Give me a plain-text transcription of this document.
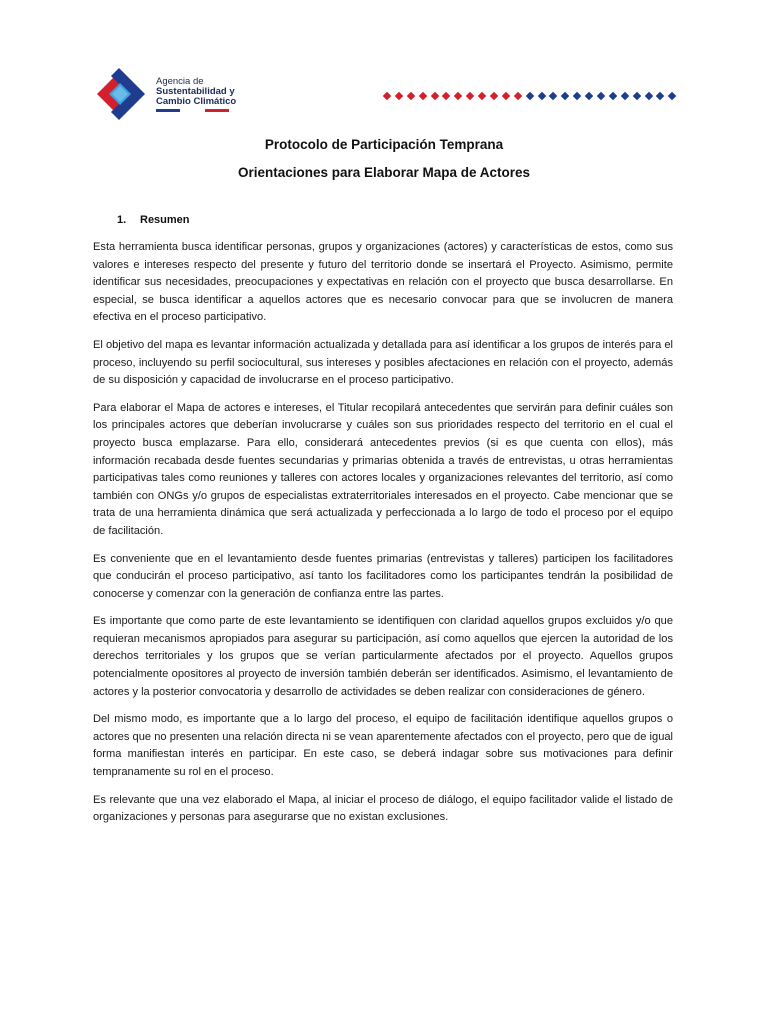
Agencia de
Sustentabilidad y
Cambio Climático
Protocolo de Participación Temprana
Orientaciones para Elaborar Mapa de Actores
1. Resumen

Esta herramienta busca identificar personas, grupos y organizaciones (actores) y características de estos, como sus valores e intereses respecto del presente y futuro del territorio donde se insertará el Proyecto. Asimismo, permite identificar sus necesidades, preocupaciones y expectativas en relación con el proyecto que busca desarrollarse. En especial, se busca identificar a aquellos actores que es necesario convocar para que se involucren de manera efectiva en el proceso participativo.

El objetivo del mapa es levantar información actualizada y detallada para así identificar a los grupos de interés para el proceso, incluyendo su perfil sociocultural, sus intereses y posibles afectaciones en relación con el proyecto, además de su disposición y capacidad de involucrarse en el proceso participativo.

Para elaborar el Mapa de actores e intereses, el Titular recopilará antecedentes que servirán para definir cuáles son los principales actores que deberían involucrarse y cuáles son sus prioridades respecto del territorio en el cual el proyecto busca emplazarse. Para ello, considerará antecedentes previos (si es que cuenta con ellos), más información recabada desde fuentes secundarias y primarias obtenida a través de entrevistas, u otras herramientas participativas tales como reuniones y talleres con actores locales y organizaciones relevantes del territorio, así como también con ONGs y/o grupos de especialistas extraterritoriales interesados en el proyecto. Cabe mencionar que se trata de una herramienta dinámica que será actualizada y perfeccionada a lo largo de todo el proceso por el equipo de facilitación.

Es conveniente que en el levantamiento desde fuentes primarias (entrevistas y talleres) participen los facilitadores que conducirán el proceso participativo, así tanto los facilitadores como los participantes tendrán la posibilidad de conocerse y comenzar con la generación de confianza entre las partes.

Es importante que como parte de este levantamiento se identifiquen con claridad aquellos grupos excluidos y/o que requieran mecanismos apropiados para asegurar su participación, así como aquellos que ejercen la autoridad de los derechos territoriales y los grupos que se verían particularmente afectados por el proyecto. Aquellos grupos potencialmente opositores al proyecto de inversión también deberán ser identificados. Asimismo, el levantamiento de actores y la posterior convocatoria y desarrollo de actividades se deben realizar con consideraciones de género.

Del mismo modo, es importante que a lo largo del proceso, el equipo de facilitación identifique aquellos grupos o actores que no presenten una relación directa ni se vean aparentemente afectados con el proyecto, pero que de igual forma manifiestan interés en participar. En este caso, se deberá indagar sobre sus motivaciones para definir tempranamente su rol en el proceso.

Es relevante que una vez elaborado el Mapa, al iniciar el proceso de diálogo, el equipo facilitador valide el listado de organizaciones y personas para asegurarse que no existan exclusiones.
